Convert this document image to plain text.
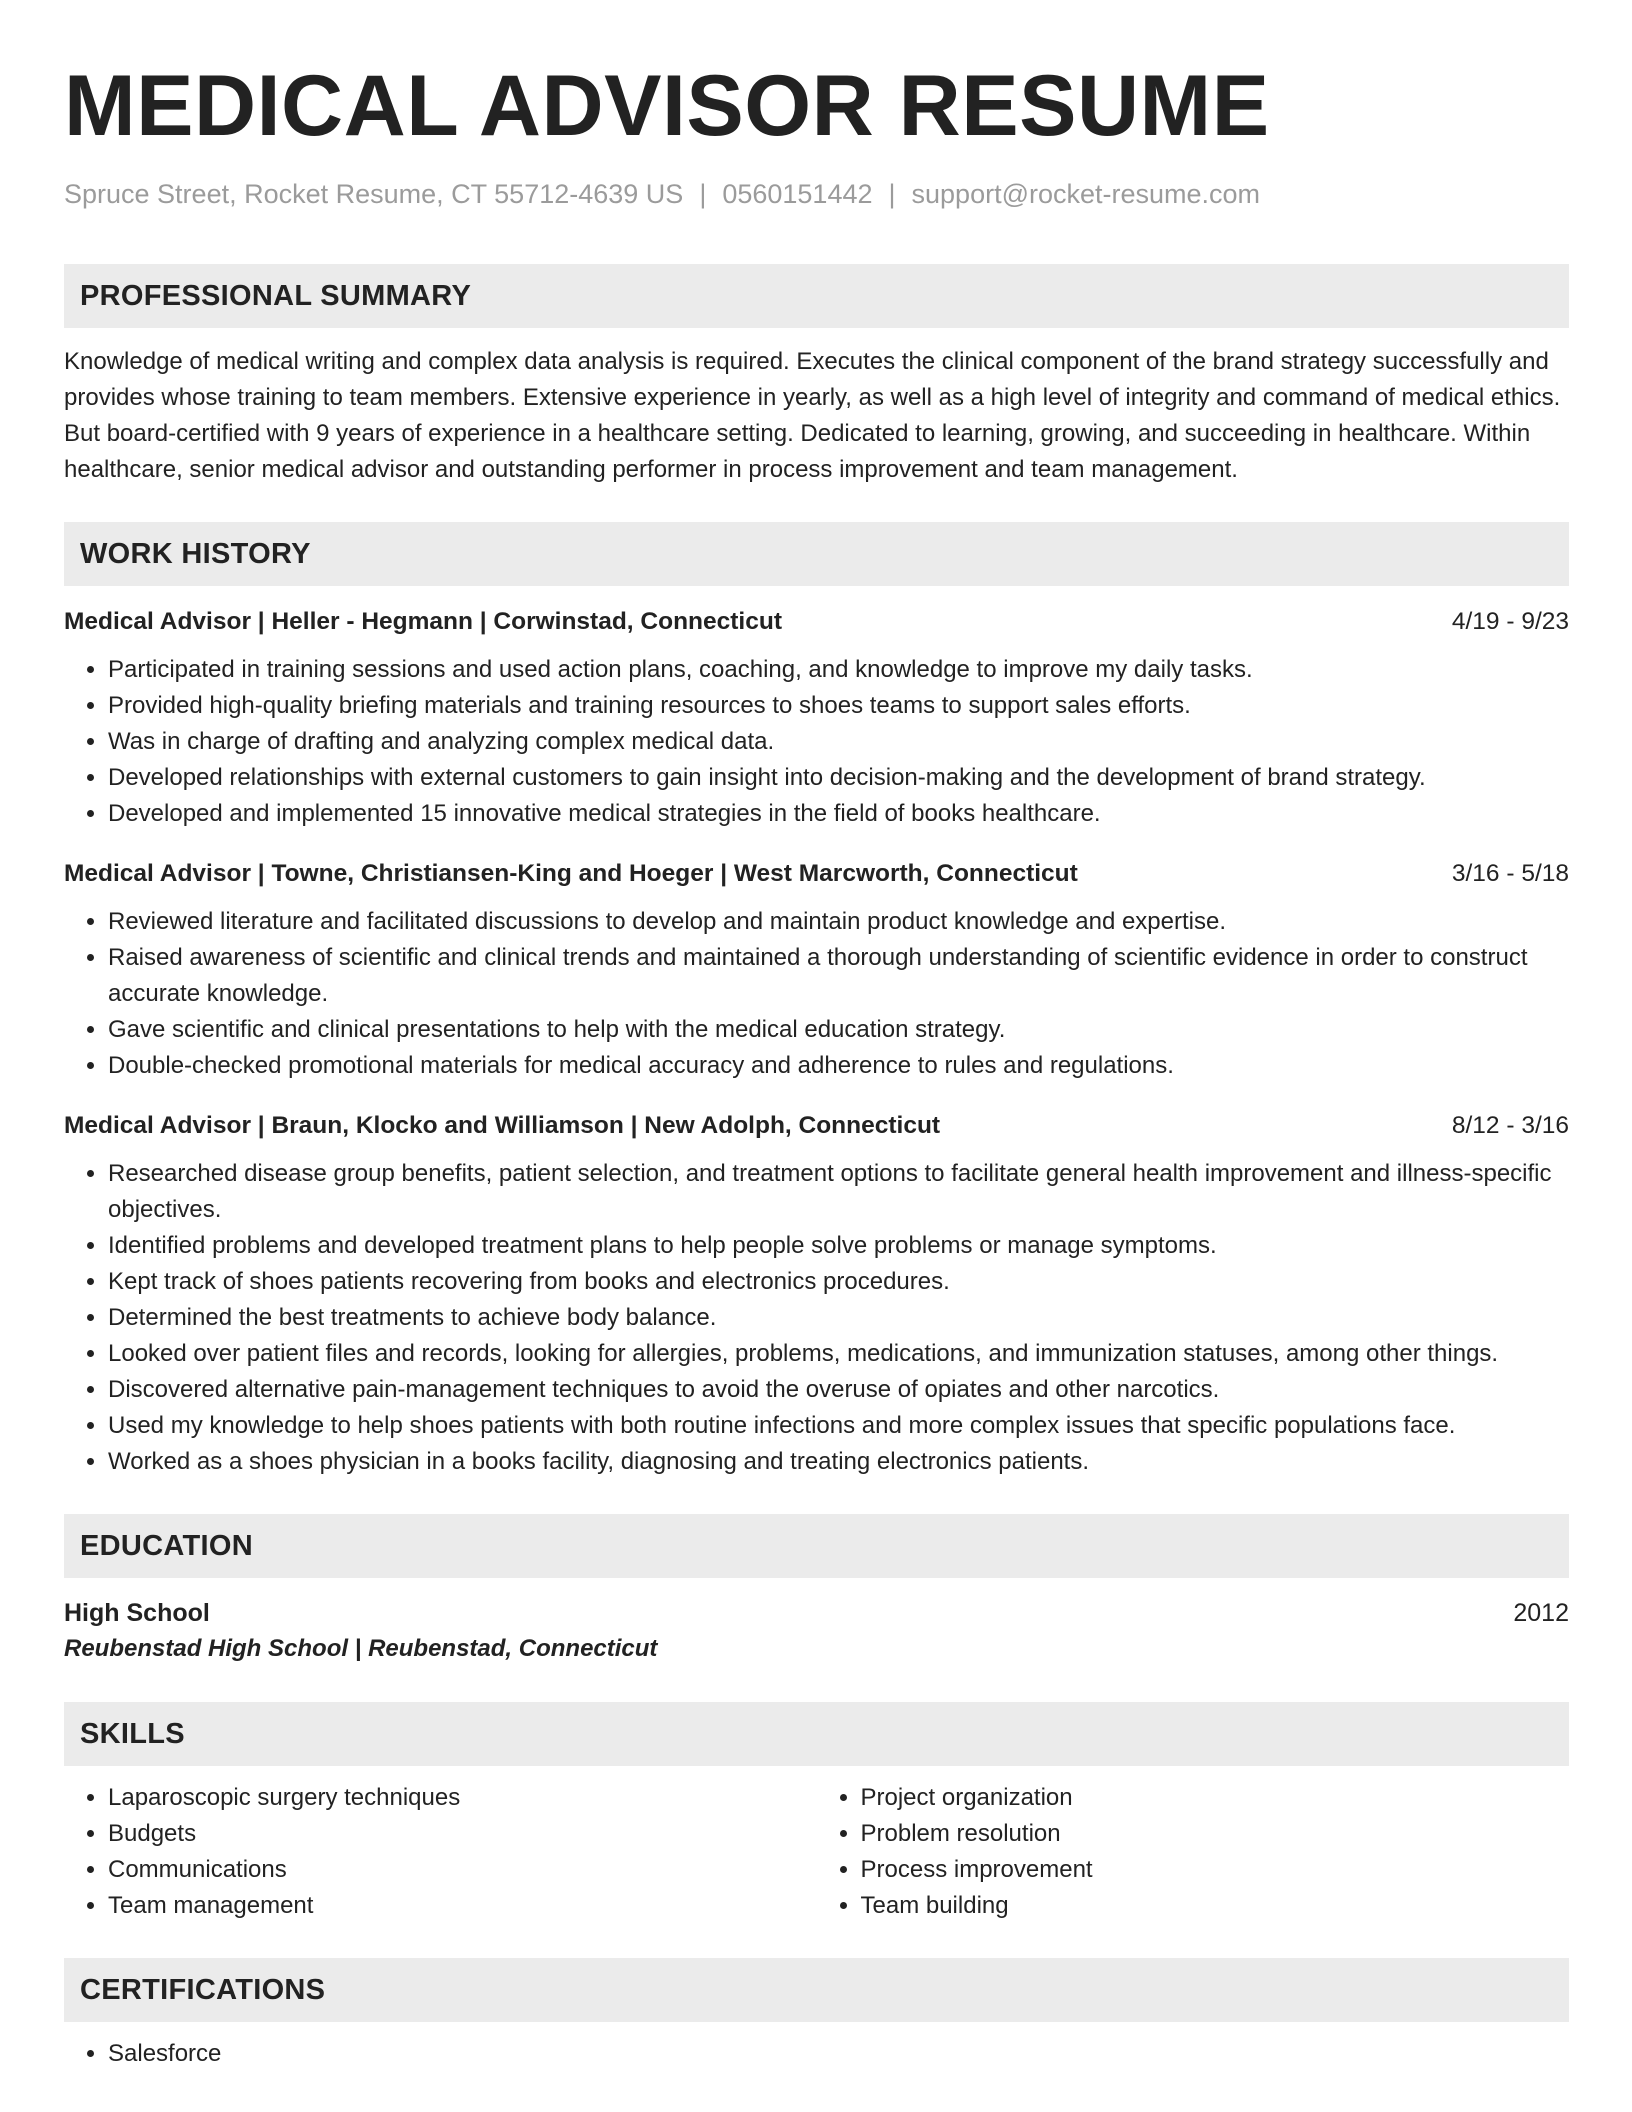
MEDICAL ADVISOR RESUME
Spruce Street, Rocket Resume, CT 55712-4639 US | 0560151442 | support@rocket-resume.com
PROFESSIONAL SUMMARY

Knowledge of medical writing and complex data analysis is required. Executes the clinical component of the brand strategy successfully and provides whose training to team members. Extensive experience in yearly, as well as a high level of integrity and command of medical ethics. But board-certified with 9 years of experience in a healthcare setting. Dedicated to learning, growing, and succeeding in healthcare. Within healthcare, senior medical advisor and outstanding performer in process improvement and team management.

WORK HISTORY
Medical Advisor | Heller - Hegmann | Corwinstad, Connecticut	4/19 - 9/23
• Participated in training sessions and used action plans, coaching, and knowledge to improve my daily tasks.
• Provided high-quality briefing materials and training resources to shoes teams to support sales efforts.
• Was in charge of drafting and analyzing complex medical data.
• Developed relationships with external customers to gain insight into decision-making and the development of brand strategy.
• Developed and implemented 15 innovative medical strategies in the field of books healthcare.
Medical Advisor | Towne, Christiansen-King and Hoeger | West Marcworth, Connecticut	3/16 - 5/18
• Reviewed literature and facilitated discussions to develop and maintain product knowledge and expertise.
• Raised awareness of scientific and clinical trends and maintained a thorough understanding of scientific evidence in order to construct accurate knowledge.
• Gave scientific and clinical presentations to help with the medical education strategy.
• Double-checked promotional materials for medical accuracy and adherence to rules and regulations.
Medical Advisor | Braun, Klocko and Williamson | New Adolph, Connecticut	8/12 - 3/16
• Researched disease group benefits, patient selection, and treatment options to facilitate general health improvement and illness-specific objectives.
• Identified problems and developed treatment plans to help people solve problems or manage symptoms.
• Kept track of shoes patients recovering from books and electronics procedures.
• Determined the best treatments to achieve body balance.
• Looked over patient files and records, looking for allergies, problems, medications, and immunization statuses, among other things.
• Discovered alternative pain-management techniques to avoid the overuse of opiates and other narcotics.
• Used my knowledge to help shoes patients with both routine infections and more complex issues that specific populations face.
• Worked as a shoes physician in a books facility, diagnosing and treating electronics patients.
EDUCATION
High School	2012
Reubenstad High School | Reubenstad, Connecticut
SKILLS
• Laparoscopic surgery techniques
• Budgets
• Communications
• Team management
• Project organization
• Problem resolution
• Process improvement
• Team building
CERTIFICATIONS
• Salesforce
